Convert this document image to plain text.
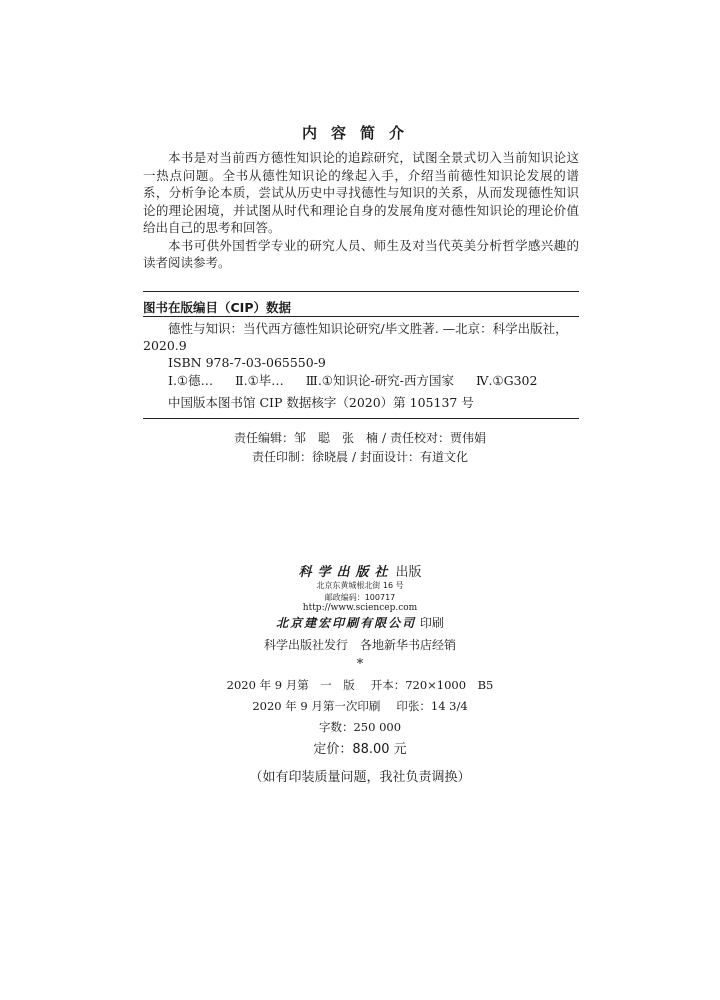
内容简介

本书是对当前西方德性知识论的追踪研究，试图全景式切入当前知识论这一热点问题。全书从德性知识论的缘起入手，介绍当前德性知识论发展的谱系，分析争论本质，尝试从历史中寻找德性与知识的关系，从而发现德性知识论的理论困境，并试图从时代和理论自身的发展角度对德性知识论的理论价值给出自己的思考和回答。

本书可供外国哲学专业的研究人员、师生及对当代英美分析哲学感兴趣的读者阅读参考。

图书在版编目（CIP）数据
德性与知识：当代西方德性知识论研究/毕文胜著. —北京：科学出版社，
2020.9
ISBN 978-7-03-065550-9
Ⅰ.①德… Ⅱ.①毕… Ⅲ.①知识论-研究-西方国家 Ⅳ.①G302
中国版本图书馆 CIP 数据核字（2020）第 105137 号
责任编辑：邹　聪　张　楠 / 责任校对：贾伟娟
责任印制：徐晓晨 / 封面设计：有道文化
科学出版社 出版
北京东黄城根北街 16 号
邮政编码：100717
http://www.sciencep.com
北京建宏印刷有限公司 印刷
科学出版社发行　各地新华书店经销
*
2020 年 9 月第　一　版 开本：720×1000　B5
2020 年 9 月第一次印刷 印张：14 3/4
字数：250 000
定价：88.00 元
（如有印装质量问题，我社负责调换）
